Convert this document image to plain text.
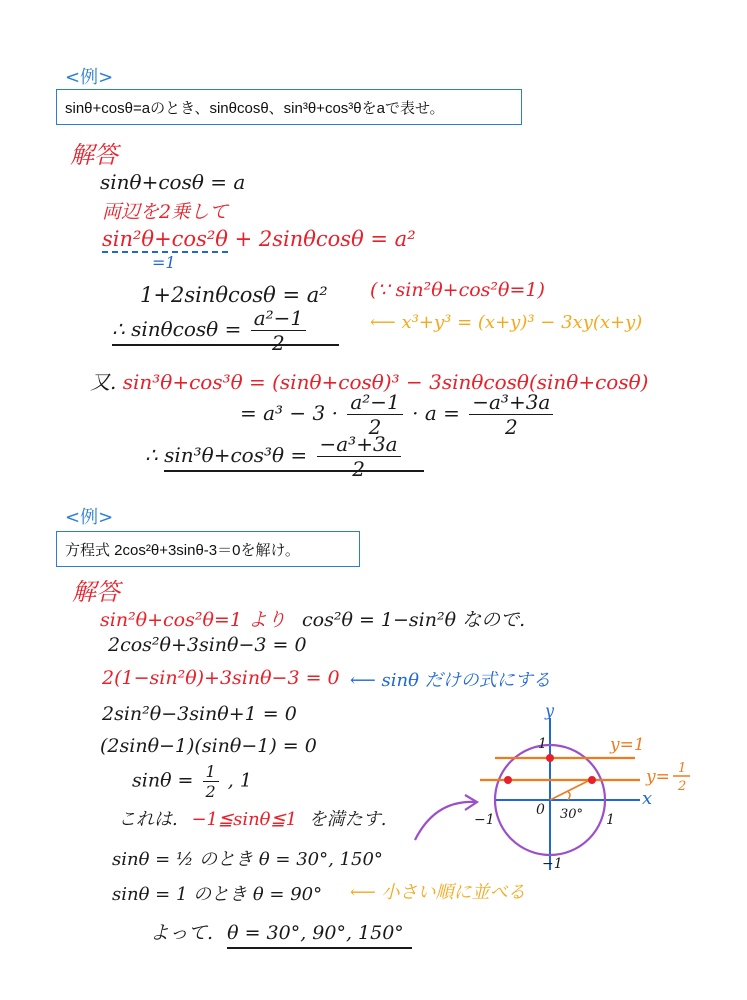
<例>
sinθ+cosθ=aのとき、sinθcosθ、sin³θ+cos³θをaで表せ。
解答
sinθ+cosθ = a
両辺を2乗して
sin²θ+cos²θ + 2sinθcosθ = a²
=1
1+2sinθcosθ = a² (∵ sin²θ+cos²θ=1)
∴ $\sin\theta\cos\theta = \frac{\text{a²−1}}{2}$	⟵ x³+y³ = (x+y)³ − 3xy(x+y)
又. sin³θ+cos³θ = (sinθ+cosθ)³ − 3sinθcosθ(sinθ+cosθ)
= $a^3 - 3 \cdot \frac{\text{a²−1}}{2} \cdot a = \frac{\text{−a³+3a}}{2}$
∴ $\sin^3\theta+\cos^3\theta = \frac{\text{−a³+3a}}{2}$
<例>
方程式 2cos²θ+3sinθ-3＝0を解け。
解答
sin²θ+cos²θ=1 より cos²θ = 1−sin²θ なので.
2cos²θ+3sinθ−3 = 0
2(1−sin²θ)+3sinθ−3 = 0 ⟵ sinθ だけの式にする
2sin²θ−3sinθ+1 = 0
(2sinθ−1)(sinθ−1) = 0
$\sin\theta = \frac{1}{2}$ , 1
これは. −1≦sinθ≦1 を満たす.
sinθ = ½ のとき θ = 30°, 150°
sinθ = 1 のとき θ = 90° ⟵ 小さい順に並べる
よって. θ = 30°, 90°, 150°
y
x
1
−1
−1	1
0 30°
y=1
y= 1
2
